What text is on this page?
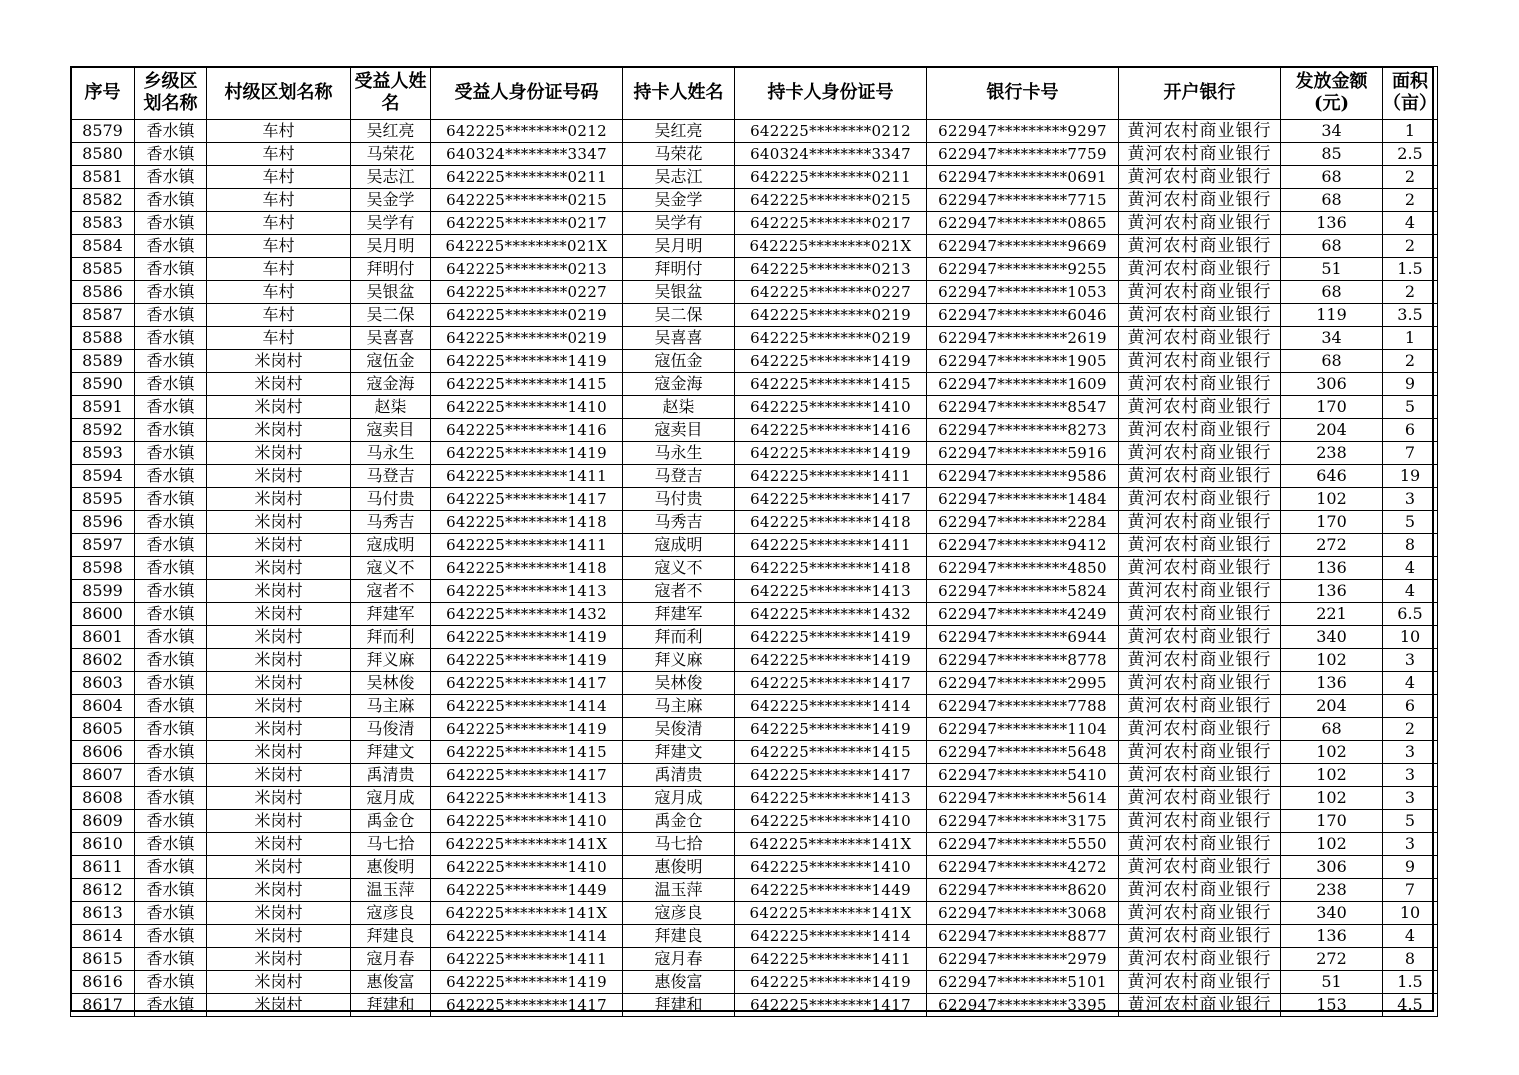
序号	乡级区划名称	村级区划名称	受益人姓名	受益人身份证号码	持卡人姓名	持卡人身份证号	银行卡号	开户银行	发放金额(元)	面积（亩）
8579	香水镇	车村	吴红亮	642225********0212	吴红亮	642225********0212	622947*********9297	黄河农村商业银行	34	1
8580	香水镇	车村	马荣花	640324********3347	马荣花	640324********3347	622947*********7759	黄河农村商业银行	85	2.5
8581	香水镇	车村	吴志江	642225********0211	吴志江	642225********0211	622947*********0691	黄河农村商业银行	68	2
8582	香水镇	车村	吴金学	642225********0215	吴金学	642225********0215	622947*********7715	黄河农村商业银行	68	2
8583	香水镇	车村	吴学有	642225********0217	吴学有	642225********0217	622947*********0865	黄河农村商业银行	136	4
8584	香水镇	车村	吴月明	642225********021X	吴月明	642225********021X	622947*********9669	黄河农村商业银行	68	2
8585	香水镇	车村	拜明付	642225********0213	拜明付	642225********0213	622947*********9255	黄河农村商业银行	51	1.5
8586	香水镇	车村	吴银盆	642225********0227	吴银盆	642225********0227	622947*********1053	黄河农村商业银行	68	2
8587	香水镇	车村	吴二保	642225********0219	吴二保	642225********0219	622947*********6046	黄河农村商业银行	119	3.5
8588	香水镇	车村	吴喜喜	642225********0219	吴喜喜	642225********0219	622947*********2619	黄河农村商业银行	34	1
8589	香水镇	米岗村	寇伍金	642225********1419	寇伍金	642225********1419	622947*********1905	黄河农村商业银行	68	2
8590	香水镇	米岗村	寇金海	642225********1415	寇金海	642225********1415	622947*********1609	黄河农村商业银行	306	9
8591	香水镇	米岗村	赵柒	642225********1410	赵柒	642225********1410	622947*********8547	黄河农村商业银行	170	5
8592	香水镇	米岗村	寇卖目	642225********1416	寇卖目	642225********1416	622947*********8273	黄河农村商业银行	204	6
8593	香水镇	米岗村	马永生	642225********1419	马永生	642225********1419	622947*********5916	黄河农村商业银行	238	7
8594	香水镇	米岗村	马登吉	642225********1411	马登吉	642225********1411	622947*********9586	黄河农村商业银行	646	19
8595	香水镇	米岗村	马付贵	642225********1417	马付贵	642225********1417	622947*********1484	黄河农村商业银行	102	3
8596	香水镇	米岗村	马秀吉	642225********1418	马秀吉	642225********1418	622947*********2284	黄河农村商业银行	170	5
8597	香水镇	米岗村	寇成明	642225********1411	寇成明	642225********1411	622947*********9412	黄河农村商业银行	272	8
8598	香水镇	米岗村	寇义不	642225********1418	寇义不	642225********1418	622947*********4850	黄河农村商业银行	136	4
8599	香水镇	米岗村	寇者不	642225********1413	寇者不	642225********1413	622947*********5824	黄河农村商业银行	136	4
8600	香水镇	米岗村	拜建军	642225********1432	拜建军	642225********1432	622947*********4249	黄河农村商业银行	221	6.5
8601	香水镇	米岗村	拜而利	642225********1419	拜而利	642225********1419	622947*********6944	黄河农村商业银行	340	10
8602	香水镇	米岗村	拜义麻	642225********1419	拜义麻	642225********1419	622947*********8778	黄河农村商业银行	102	3
8603	香水镇	米岗村	吴林俊	642225********1417	吴林俊	642225********1417	622947*********2995	黄河农村商业银行	136	4
8604	香水镇	米岗村	马主麻	642225********1414	马主麻	642225********1414	622947*********7788	黄河农村商业银行	204	6
8605	香水镇	米岗村	马俊清	642225********1419	吴俊清	642225********1419	622947*********1104	黄河农村商业银行	68	2
8606	香水镇	米岗村	拜建文	642225********1415	拜建文	642225********1415	622947*********5648	黄河农村商业银行	102	3
8607	香水镇	米岗村	禹清贵	642225********1417	禹清贵	642225********1417	622947*********5410	黄河农村商业银行	102	3
8608	香水镇	米岗村	寇月成	642225********1413	寇月成	642225********1413	622947*********5614	黄河农村商业银行	102	3
8609	香水镇	米岗村	禹金仓	642225********1410	禹金仓	642225********1410	622947*********3175	黄河农村商业银行	170	5
8610	香水镇	米岗村	马七拾	642225********141X	马七拾	642225********141X	622947*********5550	黄河农村商业银行	102	3
8611	香水镇	米岗村	惠俊明	642225********1410	惠俊明	642225********1410	622947*********4272	黄河农村商业银行	306	9
8612	香水镇	米岗村	温玉萍	642225********1449	温玉萍	642225********1449	622947*********8620	黄河农村商业银行	238	7
8613	香水镇	米岗村	寇彦良	642225********141X	寇彦良	642225********141X	622947*********3068	黄河农村商业银行	340	10
8614	香水镇	米岗村	拜建良	642225********1414	拜建良	642225********1414	622947*********8877	黄河农村商业银行	136	4
8615	香水镇	米岗村	寇月春	642225********1411	寇月春	642225********1411	622947*********2979	黄河农村商业银行	272	8
8616	香水镇	米岗村	惠俊富	642225********1419	惠俊富	642225********1419	622947*********5101	黄河农村商业银行	51	1.5
8617	香水镇	米岗村	拜建和	642225********1417	拜建和	642225********1417	622947*********3395	黄河农村商业银行	153	4.5
